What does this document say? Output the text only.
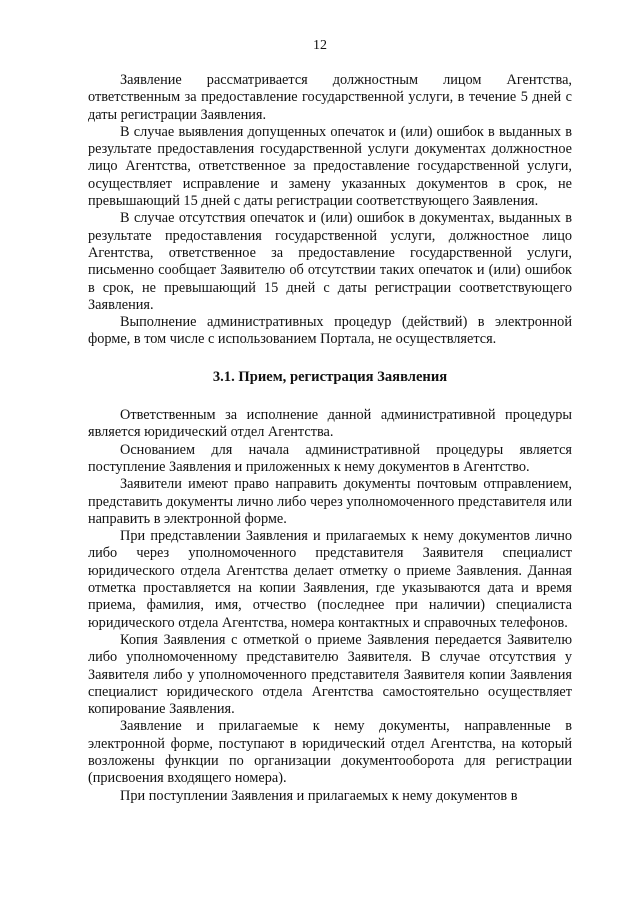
12

Заявление рассматривается должностным лицом Агентства, ответственным за предоставление государственной услуги, в течение 5 дней с даты регистрации Заявления.

В случае выявления допущенных опечаток и (или) ошибок в выданных в результате предоставления государственной услуги документах должностное лицо Агентства, ответственное за предоставление государственной услуги, осуществляет исправление и замену указанных документов в срок, не превышающий 15 дней с даты регистрации соответствующего Заявления.

В случае отсутствия опечаток и (или) ошибок в документах, выданных в результате предоставления государственной услуги, должностное лицо Агентства, ответственное за предоставление государственной услуги, письменно сообщает Заявителю об отсутствии таких опечаток и (или) ошибок в срок, не превышающий 15 дней с даты регистрации соответствующего Заявления.

Выполнение административных процедур (действий) в электронной форме, в том числе с использованием Портала, не осуществляется.

3.1. Прием, регистрация Заявления

Ответственным за исполнение данной административной процедуры является юридический отдел Агентства.

Основанием для начала административной процедуры является поступление Заявления и приложенных к нему документов в Агентство.

Заявители имеют право направить документы почтовым отправлением, представить документы лично либо через уполномоченного представителя или направить в электронной форме.

При представлении Заявления и прилагаемых к нему документов лично либо через уполномоченного представителя Заявителя специалист юридического отдела Агентства делает отметку о приеме Заявления. Данная отметка проставляется на копии Заявления, где указываются дата и время приема, фамилия, имя, отчество (последнее при наличии) специалиста юридического отдела Агентства, номера контактных и справочных телефонов.

Копия Заявления с отметкой о приеме Заявления передается Заявителю либо уполномоченному представителю Заявителя. В случае отсутствия у Заявителя либо у уполномоченного представителя Заявителя копии Заявления специалист юридического отдела Агентства самостоятельно осуществляет копирование Заявления.

Заявление и прилагаемые к нему документы, направленные в электронной форме, поступают в юридический отдел Агентства, на который возложены функции по организации документооборота для регистрации (присвоения входящего номера).

При поступлении Заявления и прилагаемых к нему документов в
